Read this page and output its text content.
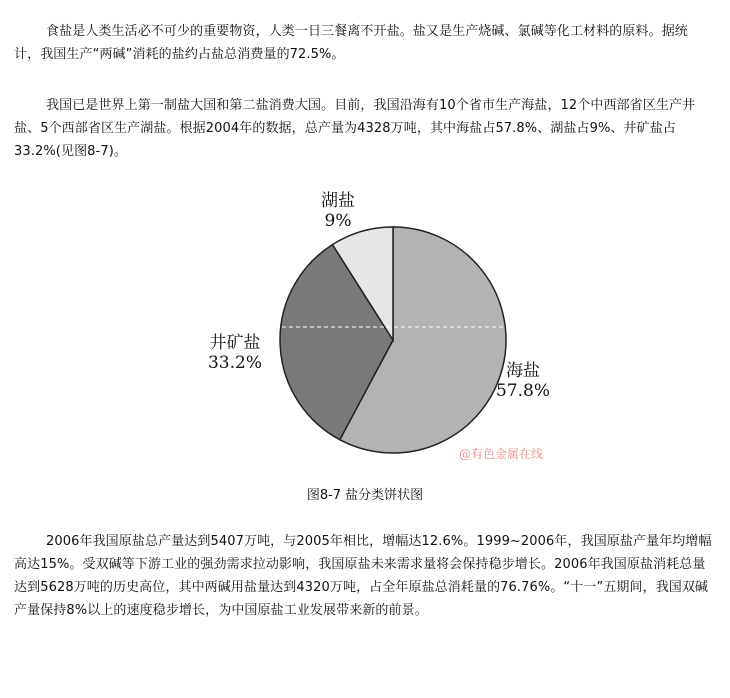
食盐是人类生活必不可少的重要物资，人类一日三餐离不开盐。盐又是生产烧碱、氯碱等化工材料的原料。据统计，我国生产“两碱”消耗的盐约占盐总消费量的72.5%。

我国已是世界上第一制盐大国和第二盐消费大国。目前，我国沿海有10个省市生产海盐，12个中西部省区生产井盐、5个西部省区生产湖盐。根据2004年的数据，总产量为4328万吨，其中海盐占57.8%、湖盐占9%、井矿盐占33.2%(见图8-7)。

海盐
57.8%
井矿盐
33.2%
湖盐
9%
@有色金属在线
图8-7 盐分类饼状图

2006年我国原盐总产量达到5407万吨，与2005年相比，增幅达12.6%。1999~2006年，我国原盐产量年均增幅高达15%。受双碱等下游工业的强劲需求拉动影响，我国原盐未来需求量将会保持稳步增长。2006年我国原盐消耗总量达到5628万吨的历史高位，其中两碱用盐量达到4320万吨，占全年原盐总消耗量的76.76%。“十一”五期间，我国双碱产量保持8%以上的速度稳步增长，为中国原盐工业发展带来新的前景。
